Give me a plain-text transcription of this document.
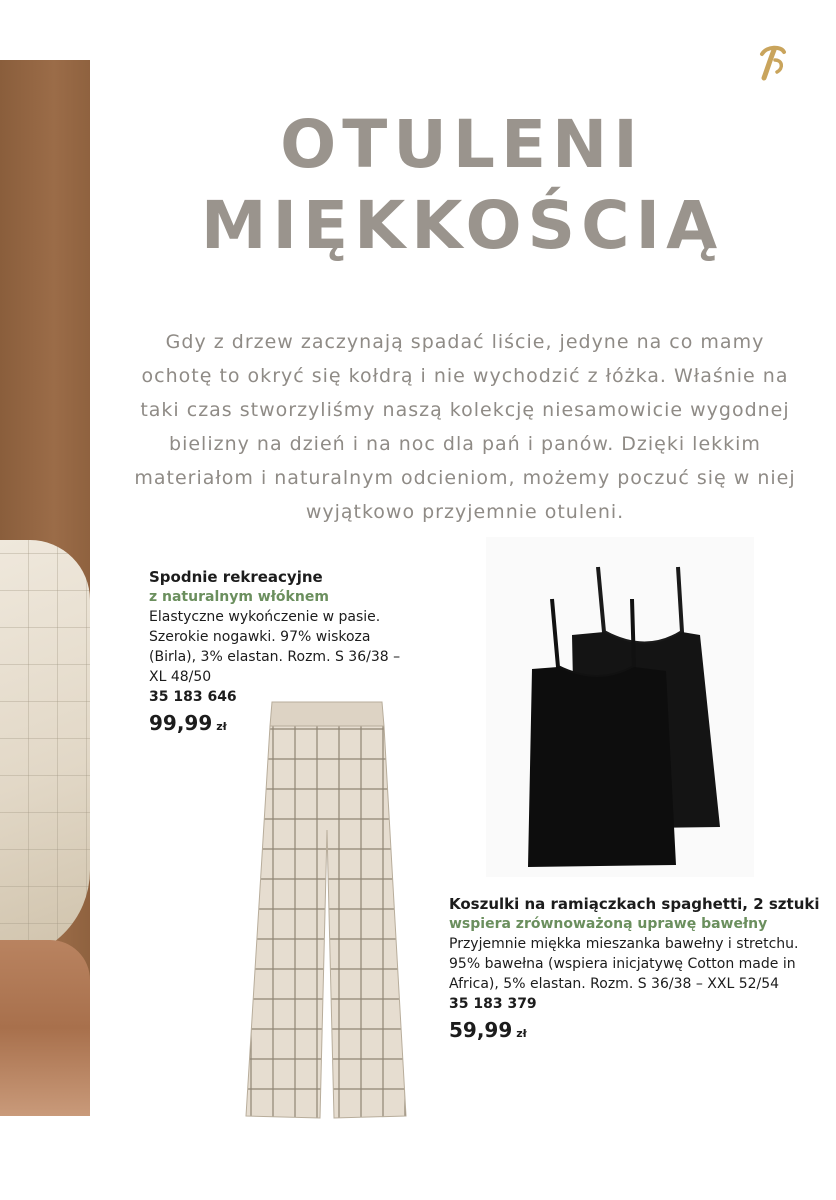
OTULENI
MIĘKKOŚCIĄ

Gdy z drzew zaczynają spadać liście, jedyne na co mamy ochotę to okryć się kołdrą i nie wychodzić z łóżka. Właśnie na taki czas stworzyliśmy naszą kolekcję niesamowicie wygodnej bielizny na dzień i na noc dla pań i panów. Dzięki lekkim materiałom i naturalnym odcieniom, możemy poczuć się w niej wyjątkowo przyjemnie otuleni.

Spodnie rekreacyjne
z naturalnym włóknem
Elastyczne wykończenie w pasie. Szerokie nogawki. 97% wiskoza (Birla), 3% elastan. Rozm. S 36/38 – XL 48/50
35 183 646
99,99 zł
Koszulki na ramiączkach spaghetti, 2 sztuki
wspiera zrównoważoną uprawę bawełny
Przyjemnie miękka mieszanka bawełny i stretchu. 95% bawełna (wspiera inicjatywę Cotton made in Africa), 5% elastan. Rozm. S 36/38 – XXL 52/54
35 183 379
59,99 zł
